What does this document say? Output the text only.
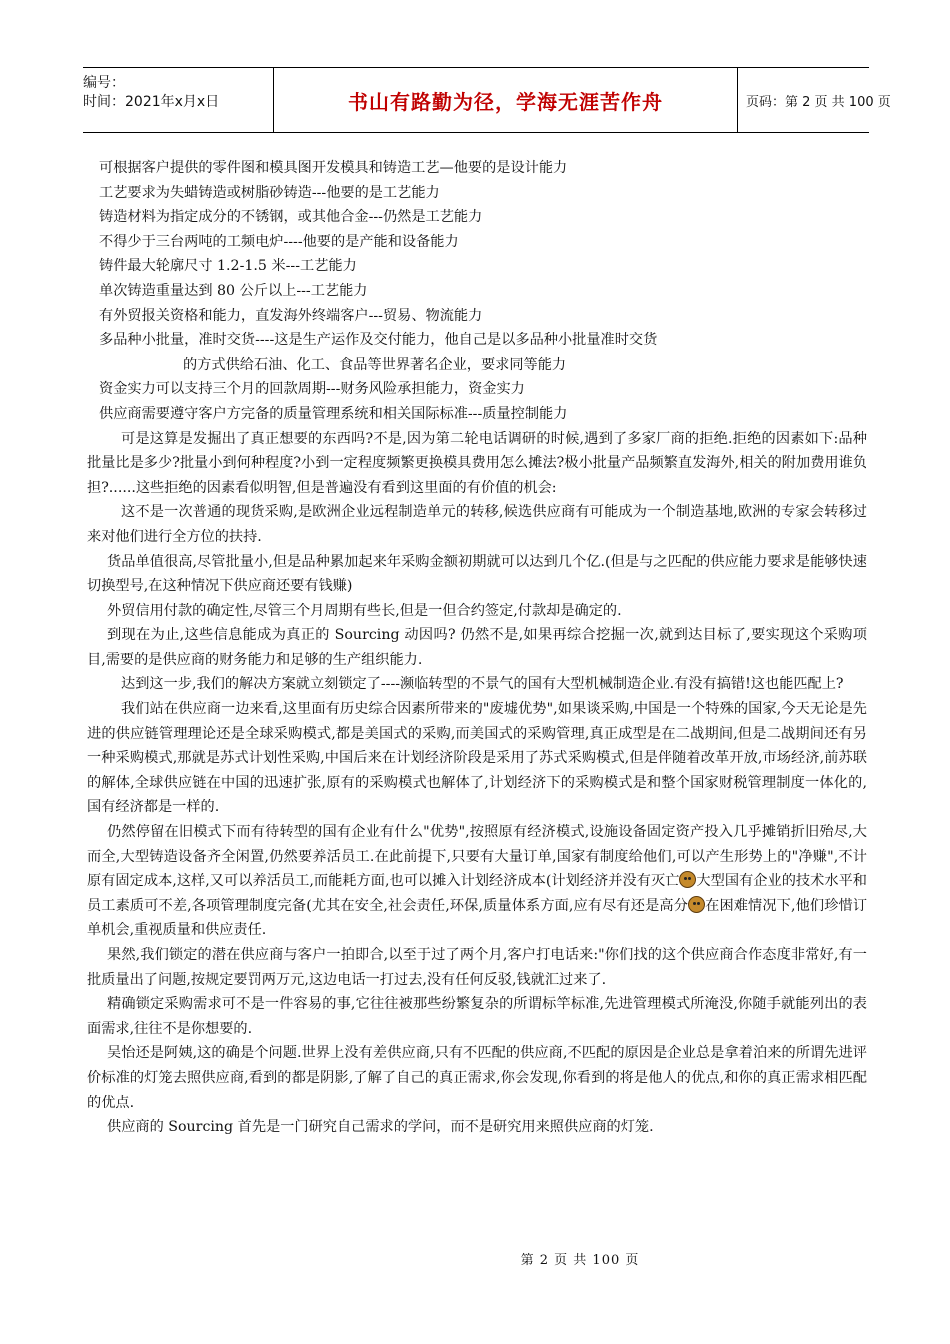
编号：
时间：2021年x月x日	书山有路勤为径，学海无涯苦作舟	页码：第 2 页 共 100 页
可根据客户提供的零件图和模具图开发模具和铸造工艺—他要的是设计能力
工艺要求为失蜡铸造或树脂砂铸造---他要的是工艺能力
铸造材料为指定成分的不锈钢，或其他合金---仍然是工艺能力
不得少于三台两吨的工频电炉----他要的是产能和设备能力
铸件最大轮廓尺寸 1.2-1.5 米---工艺能力
单次铸造重量达到 80 公斤以上---工艺能力
有外贸报关资格和能力，直发海外终端客户---贸易、物流能力
多品种小批量，准时交货----这是生产运作及交付能力，他自己是以多品种小批量准时交货
的方式供给石油、化工、食品等世界著名企业，要求同等能力
资金实力可以支持三个月的回款周期---财务风险承担能力，资金实力
供应商需要遵守客户方完备的质量管理系统和相关国际标准---质量控制能力

可是这算是发掘出了真正想要的东西吗?不是,因为第二轮电话调研的时候,遇到了多家厂商的拒绝.拒绝的因素如下:品种批量比是多少?批量小到何种程度?小到一定程度频繁更换模具费用怎么摊法?极小批量产品频繁直发海外,相关的附加费用谁负担?......这些拒绝的因素看似明智,但是普遍没有看到这里面的有价值的机会:

这不是一次普通的现货采购,是欧洲企业远程制造单元的转移,候选供应商有可能成为一个制造基地,欧洲的专家会转移过来对他们进行全方位的扶持.

货品单值很高,尽管批量小,但是品种累加起来年采购金额初期就可以达到几个亿.(但是与之匹配的供应能力要求是能够快速切换型号,在这种情况下供应商还要有钱赚)

外贸信用付款的确定性,尽管三个月周期有些长,但是一但合约签定,付款却是确定的.

到现在为止,这些信息能成为真正的 Sourcing 动因吗? 仍然不是,如果再综合挖掘一次,就到达目标了,要实现这个采购项目,需要的是供应商的财务能力和足够的生产组织能力.

达到这一步,我们的解决方案就立刻锁定了----濒临转型的不景气的国有大型机械制造企业.有没有搞错!这也能匹配上?

我们站在供应商一边来看,这里面有历史综合因素所带来的"废墟优势",如果谈采购,中国是一个特殊的国家,今天无论是先进的供应链管理理论还是全球采购模式,都是美国式的采购,而美国式的采购管理,真正成型是在二战期间,但是二战期间还有另一种采购模式,那就是苏式计划性采购,中国后来在计划经济阶段是采用了苏式采购模式,但是伴随着改革开放,市场经济,前苏联的解体,全球供应链在中国的迅速扩张,原有的采购模式也解体了,计划经济下的采购模式是和整个国家财税管理制度一体化的,国有经济都是一样的.

仍然停留在旧模式下而有待转型的国有企业有什么"优势",按照原有经济模式,设施设备固定资产投入几乎摊销折旧殆尽,大而全,大型铸造设备齐全闲置,仍然要养活员工.在此前提下,只要有大量订单,国家有制度给他们,可以产生形势上的"净赚",不计原有固定成本,这样,又可以养活员工,而能耗方面,也可以摊入计划经济成本(计划经济并没有灭亡 大型国有企业的技术水平和员工素质可不差,各项管理制度完备(尤其在安全,社会责任,环保,质量体系方面,应有尽有还是高分 在困难情况下,他们珍惜订单机会,重视质量和供应责任.

果然,我们锁定的潜在供应商与客户一拍即合,以至于过了两个月,客户打电话来:"你们找的这个供应商合作态度非常好,有一批质量出了问题,按规定要罚两万元,这边电话一打过去,没有任何反驳,钱就汇过来了.

精确锁定采购需求可不是一件容易的事,它往往被那些纷繁复杂的所谓标竿标准,先进管理模式所淹没,你随手就能列出的表面需求,往往不是你想要的.

吴怡还是阿姨,这的确是个问题.世界上没有差供应商,只有不匹配的供应商,不匹配的原因是企业总是拿着泊来的所谓先进评价标准的灯笼去照供应商,看到的都是阴影,了解了自己的真正需求,你会发现,你看到的将是他人的优点,和你的真正需求相匹配的优点.

供应商的 Sourcing 首先是一门研究自己需求的学问，而不是研究用来照供应商的灯笼.

第 2 页 共 100 页
